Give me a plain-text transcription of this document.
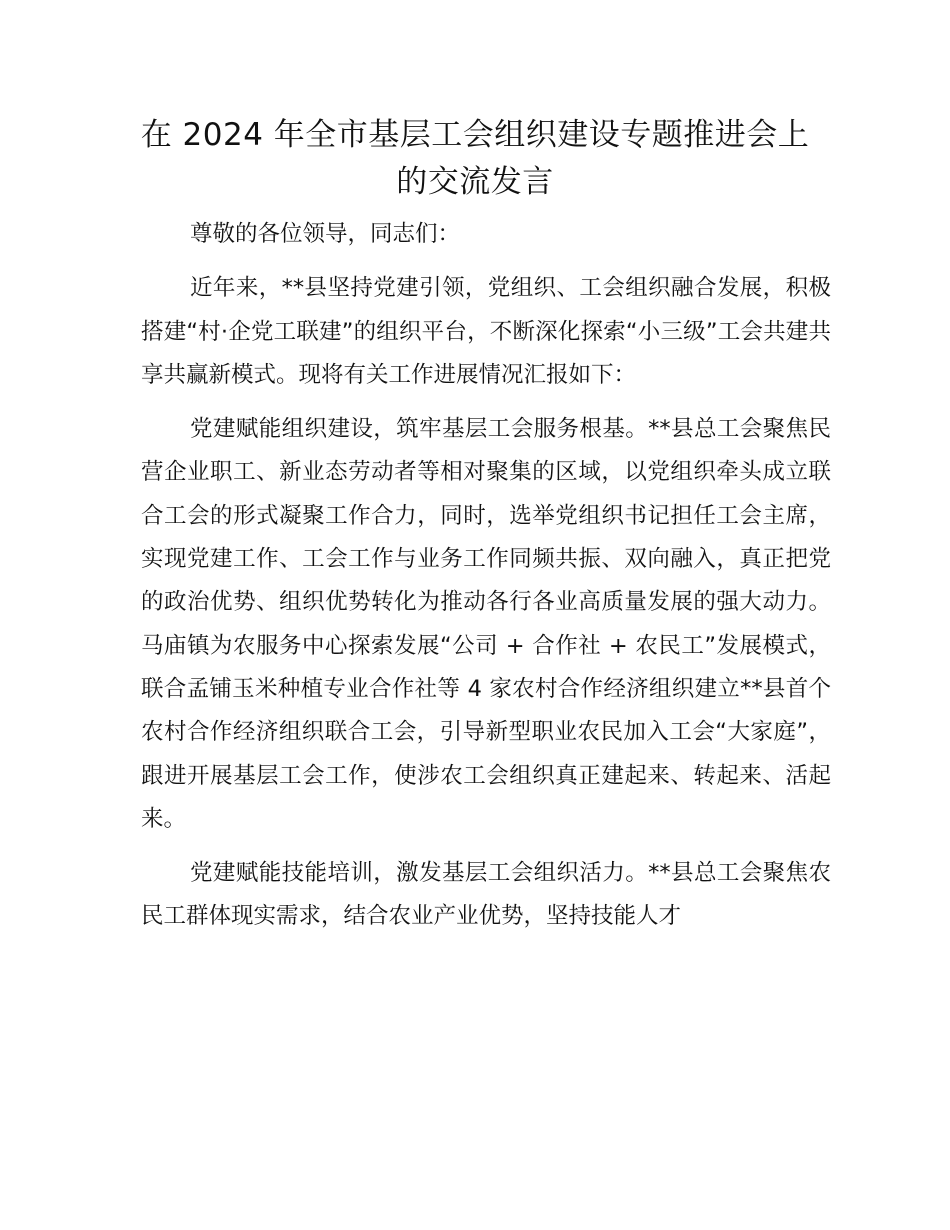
在 2024 年全市基层工会组织建设专题推进会上的交流发言

尊敬的各位领导，同志们：

近年来，**县坚持党建引领，党组织、工会组织融合发展，积极搭建“村·企党工联建”的组织平台，不断深化探索“小三级”工会共建共享共赢新模式。现将有关工作进展情况汇报如下：

党建赋能组织建设，筑牢基层工会服务根基。**县总工会聚焦民营企业职工、新业态劳动者等相对聚集的区域，以党组织牵头成立联合工会的形式凝聚工作合力，同时，选举党组织书记担任工会主席，实现党建工作、工会工作与业务工作同频共振、双向融入，真正把党的政治优势、组织优势转化为推动各行各业高质量发展的强大动力。马庙镇为农服务中心探索发展“公司 + 合作社 + 农民工”发展模式，联合孟铺玉米种植专业合作社等 4 家农村合作经济组织建立**县首个农村合作经济组织联合工会，引导新型职业农民加入工会“大家庭”，跟进开展基层工会工作，使涉农工会组织真正建起来、转起来、活起来。

党建赋能技能培训，激发基层工会组织活力。**县总工会聚焦农民工群体现实需求，结合农业产业优势，坚持技能人才
